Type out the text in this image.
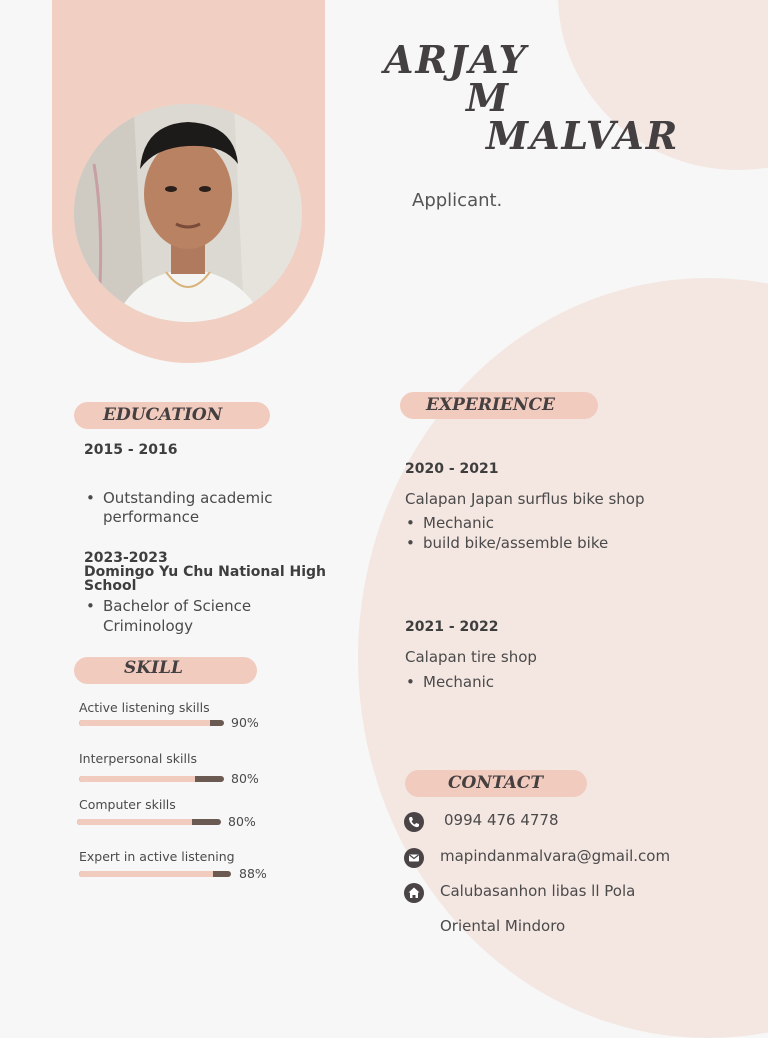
ARJAY
M
MALVAR
Applicant.
EDUCATION
2015 - 2016
• Outstanding academic
performance
2023-2023
Domingo Yu Chu National High
School
• Bachelor of Science
Criminology
SKILL
Active listening skills
90%
Interpersonal skills
80%
Computer skills
80%
Expert in active listening
88%
EXPERIENCE
2020 - 2021
Calapan Japan surflus bike shop
• Mechanic
• build bike/assemble bike
2021 - 2022
Calapan tire shop
• Mechanic
CONTACT
0994 476 4778
mapindanmalvara@gmail.com
Calubasanhon libas ll Pola
Oriental Mindoro
